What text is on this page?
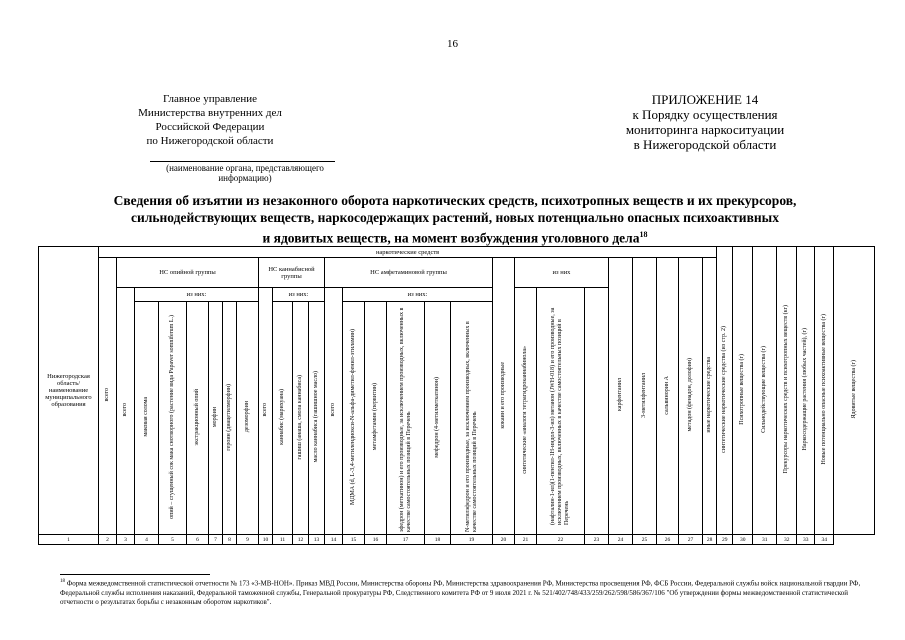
16
Главное управление
Министерства внутренних дел
Российской Федерации
по Нижегородской области
(наименование органа, представляющего информацию)
ПРИЛОЖЕНИЕ 14
к Порядку осуществления
мониторинга наркоситуации
в Нижегородской области
Сведения об изъятии из незаконного оборота наркотических средств, психотропных веществ и их прекурсоров,
сильнодействующих веществ, наркосодержащих растений, новых потенциально опасных психоактивных
и ядовитых веществ, на момент возбуждения уголовного дела$^{18}$
Нижегородская область/ наименование муниципального образования	наркотические средств																											синтетические наркотические средства (из стр. 2)	Психотропные вещества (г)	Сильнодействующие вещества (г)	Прекурсоры наркотических средств и психотропных веществ (кг)	Наркосодержащие растения (любых частей), (г)	Новые потенциально опасные психоактивные вещества (г)	Ядовитые вещества (г)
	всего	НС опийной группы							НС каннабисной группы				НС амфетаминовой группы						кокаин и его производные	из них			карфентанил	3-метилфентанил	сальвинорин А	метадон (фенадон, долофин)	иные наркотические средства							
		всего	из них:						всего	из них:			всего	из них:						синтетические «аналоги тетрагидроканнабинола»	(нафталин-1-ил)(1-пентил-1Н-индол-3-ил) метанон (JWH-018) и его производные, за исключением производных, включенных в качестве самостоятельных позиций в Перечень													
			маковая солома	опий – сгущенный сок мака снотворного (растение вида Papaver somniferum L.)	экстракционный опий	морфин	героин (диацетилморфин)	дезоморфин		каннабис (марихуана)	гашиш (анаша, смола каннабиса)	масло каннабиса (гашишное масло)		МДМА (d, L-3,4-метилендиокси-N-альфа-диметил-фенил-этиламин)	метамфетамин (первитин)	эфедрон (меткатинон) и его производные, за исключением производных, включенных в качестве самостоятельных позиций в Перечень	мефедрон (4-метилметкатинон)	N-метилэфедрон и его производные, за исключением производных, включенных в качестве самостоятельных позиций в Перечень																
1	2	3	4	5	6	7	8	9	10	11	12	13	14	15	16	17	18	19	20	21	22	23	24	25	26	27	28	29	30	31	32	33	34	
$^{18}$ Форма межведомственной статистической отчетности № 173 «3-МВ-НОН». Приказ МВД России, Министерства обороны РФ, Министерства здравоохранения РФ, Министерства просвещения РФ, ФСБ России, Федеральной службы войск национальной гвардии РФ, Федеральной службы исполнения наказаний, Федеральной таможенной службы, Генеральной прокуратуры РФ, Следственного комитета РФ от 9 июля 2021 г. № 521/402/748/433/259/262/598/586/367/106 "Об утверждении формы межведомственной статистической отчетности о результатах борьбы с незаконным оборотом наркотиков".
